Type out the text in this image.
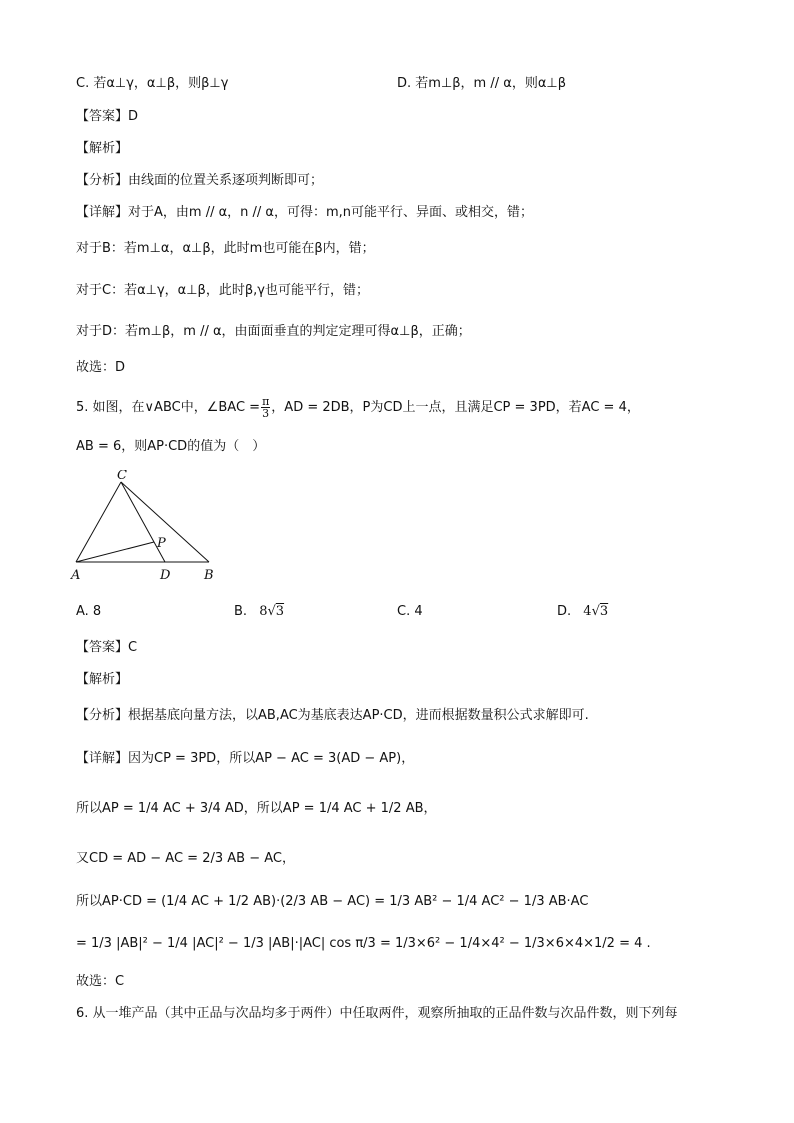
C. 若α⊥γ，α⊥β，则β⊥γ	D. 若m⊥β，m // α，则α⊥β
【答案】D
【解析】
【分析】由线面的位置关系逐项判断即可；
【详解】对于A，由m // α，n // α，可得：m,n可能平行、异面、或相交，错；
对于B：若m⊥α，α⊥β，此时m也可能在β内，错；
对于C：若α⊥γ，α⊥β，此时β,γ也可能平行，错；
对于D：若m⊥β，m // α，由面面垂直的判定定理可得α⊥β，正确；
故选：D
5. 如图，在∨ABC中，∠BAC = $\frac{\pi}{3}$ ，AD = 2DB，P为CD上一点，且满足CP = 3PD，若AC = 4，
AB = 6，则AP·CD的值为（　）
C
P
A	D	B
A. 8	B. 8√3	C. 4	D. 4√3
【答案】C
【解析】
【分析】根据基底向量方法，以AB,AC为基底表达AP·CD，进而根据数量积公式求解即可.
【详解】因为CP = 3PD，所以AP − AC = 3(AD − AP)，
所以AP = 1/4 AC + 3/4 AD，所以AP = 1/4 AC + 1/2 AB，
又CD = AD − AC = 2/3 AB − AC，
所以AP·CD = (1/4 AC + 1/2 AB)·(2/3 AB − AC) = 1/3 AB² − 1/4 AC² − 1/3 AB·AC
= 1/3 |AB|² − 1/4 |AC|² − 1/3 |AB|·|AC| cos π/3 = 1/3×6² − 1/4×4² − 1/3×6×4×1/2 = 4 .
故选：C
6. 从一堆产品（其中正品与次品均多于两件）中任取两件，观察所抽取的正品件数与次品件数，则下列每
